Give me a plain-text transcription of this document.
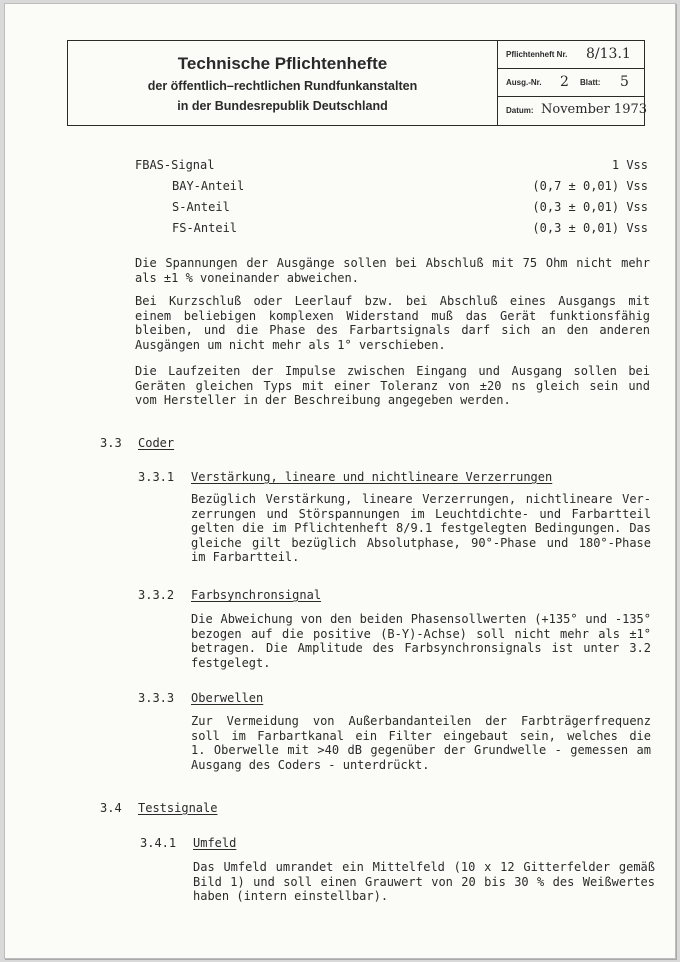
Technische Pflichtenhefte
der öffentlich–rechtlichen Rundfunkanstalten
in der Bundesrepublik Deutschland
Pflichtenheft Nr. 8/13.1
Ausg.-Nr. 2 Blatt: 5
Datum: November 1973
FBAS-Signal	1 Vss
BAY-Anteil	(0,7 ± 0,01) Vss
S-Anteil	(0,3 ± 0,01) Vss
FS-Anteil	(0,3 ± 0,01) Vss
Die Spannungen der Ausgänge sollen bei Abschluß mit 75 Ohm nicht mehr
als ±1 % voneinander abweichen.
Bei Kurzschluß oder Leerlauf bzw. bei Abschluß eines Ausgangs mit
einem beliebigen komplexen Widerstand muß das Gerät funktionsfähig
bleiben, und die Phase des Farbartsignals darf sich an den anderen
Ausgängen um nicht mehr als 1° verschieben.
Die Laufzeiten der Impulse zwischen Eingang und Ausgang sollen bei
Geräten gleichen Typs mit einer Toleranz von ±20 ns gleich sein und
vom Hersteller in der Beschreibung angegeben werden.
3.3 Coder
3.3.1 Verstärkung, lineare und nichtlineare Verzerrungen
Bezüglich Verstärkung, lineare Verzerrungen, nichtlineare Ver-
zerrungen und Störspannungen im Leuchtdichte- und Farbartteil
gelten die im Pflichtenheft 8/9.1 festgelegten Bedingungen. Das
gleiche gilt bezüglich Absolutphase, 90°-Phase und 180°-Phase
im Farbartteil.
3.3.2 Farbsynchronsignal
Die Abweichung von den beiden Phasensollwerten (+135° und -135°
bezogen auf die positive (B-Y)-Achse) soll nicht mehr als ±1°
betragen. Die Amplitude des Farbsynchronsignals ist unter 3.2
festgelegt.
3.3.3 Oberwellen
Zur Vermeidung von Außerbandanteilen der Farbträgerfrequenz
soll im Farbartkanal ein Filter eingebaut sein, welches die
1. Oberwelle mit >40 dB gegenüber der Grundwelle - gemessen am
Ausgang des Coders - unterdrückt.
3.4 Testsignale
3.4.1 Umfeld
Das Umfeld umrandet ein Mittelfeld (10 x 12 Gitterfelder gemäß
Bild 1) und soll einen Grauwert von 20 bis 30 % des Weißwertes
haben (intern einstellbar).
